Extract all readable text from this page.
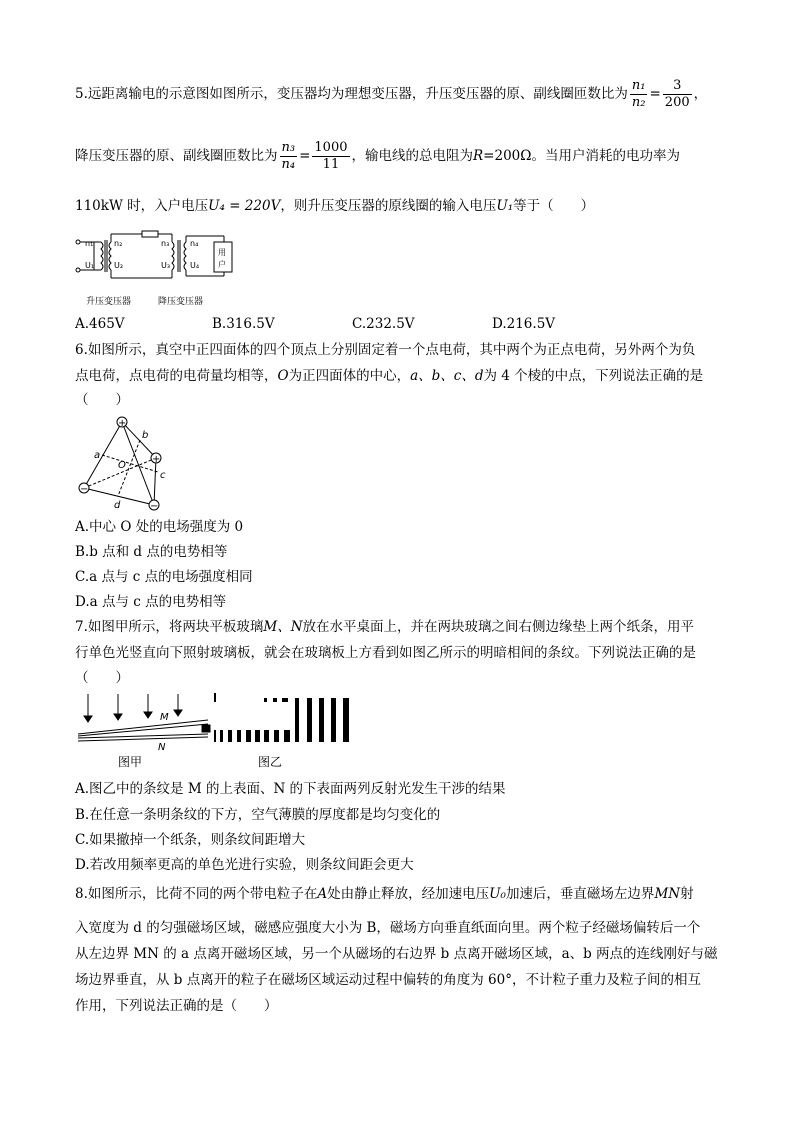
5.远距离输电的示意图如图所示，变压器均为理想变压器，升压变压器的原、副线圈匝数比为 $\frac{\text{n₁}}{\text{n₂}} = \frac{3}{200}$ ，
降压变压器的原、副线圈匝数比为 $\frac{\text{n₃}}{\text{n₄}} = \frac{1000}{11}$ ，输电线的总电阻为R=200Ω。当用户消耗的电功率为
110kW 时，入户电压U₄ = 220V，则升压变压器的原线圈的输入电压U₁等于（　　）
n₁
U₁
n₂
U₂
n₃
U₃
n₄
U₄
用
户
升压变压器	降压变压器
A.465V	B.316.5V	C.232.5V	D.216.5V
6.如图所示，真空中正四面体的四个顶点上分别固定着一个点电荷，其中两个为正点电荷，另外两个为负
点电荷，点电荷的电荷量均相等，O为正四面体的中心，a、b、c、d为 4 个棱的中点，下列说法正确的是
（　　）
+
+
−
−
a
b
c
d
O
A.中心 O 处的电场强度为 0
B.b 点和 d 点的电势相等
C.a 点与 c 点的电场强度相同
D.a 点与 c 点的电势相等
7.如图甲所示，将两块平板玻璃M、N放在水平桌面上，并在两块玻璃之间右侧边缘垫上两个纸条，用平
行单色光竖直向下照射玻璃板，就会在玻璃板上方看到如图乙所示的明暗相间的条纹。下列说法正确的是
（　　）
M
N
图甲	图乙
A.图乙中的条纹是 M 的上表面、N 的下表面两列反射光发生干涉的结果
B.在任意一条明条纹的下方，空气薄膜的厚度都是均匀变化的
C.如果撤掉一个纸条，则条纹间距增大
D.若改用频率更高的单色光进行实验，则条纹间距会更大
8.如图所示，比荷不同的两个带电粒子在A处由静止释放，经加速电压U₀加速后，垂直磁场左边界MN射
入宽度为 d 的匀强磁场区域，磁感应强度大小为 B，磁场方向垂直纸面向里。两个粒子经磁场偏转后一个
从左边界 MN 的 a 点离开磁场区域，另一个从磁场的右边界 b 点离开磁场区域，a、b 两点的连线刚好与磁
场边界垂直，从 b 点离开的粒子在磁场区域运动过程中偏转的角度为 60°，不计粒子重力及粒子间的相互
作用，下列说法正确的是（　　）
